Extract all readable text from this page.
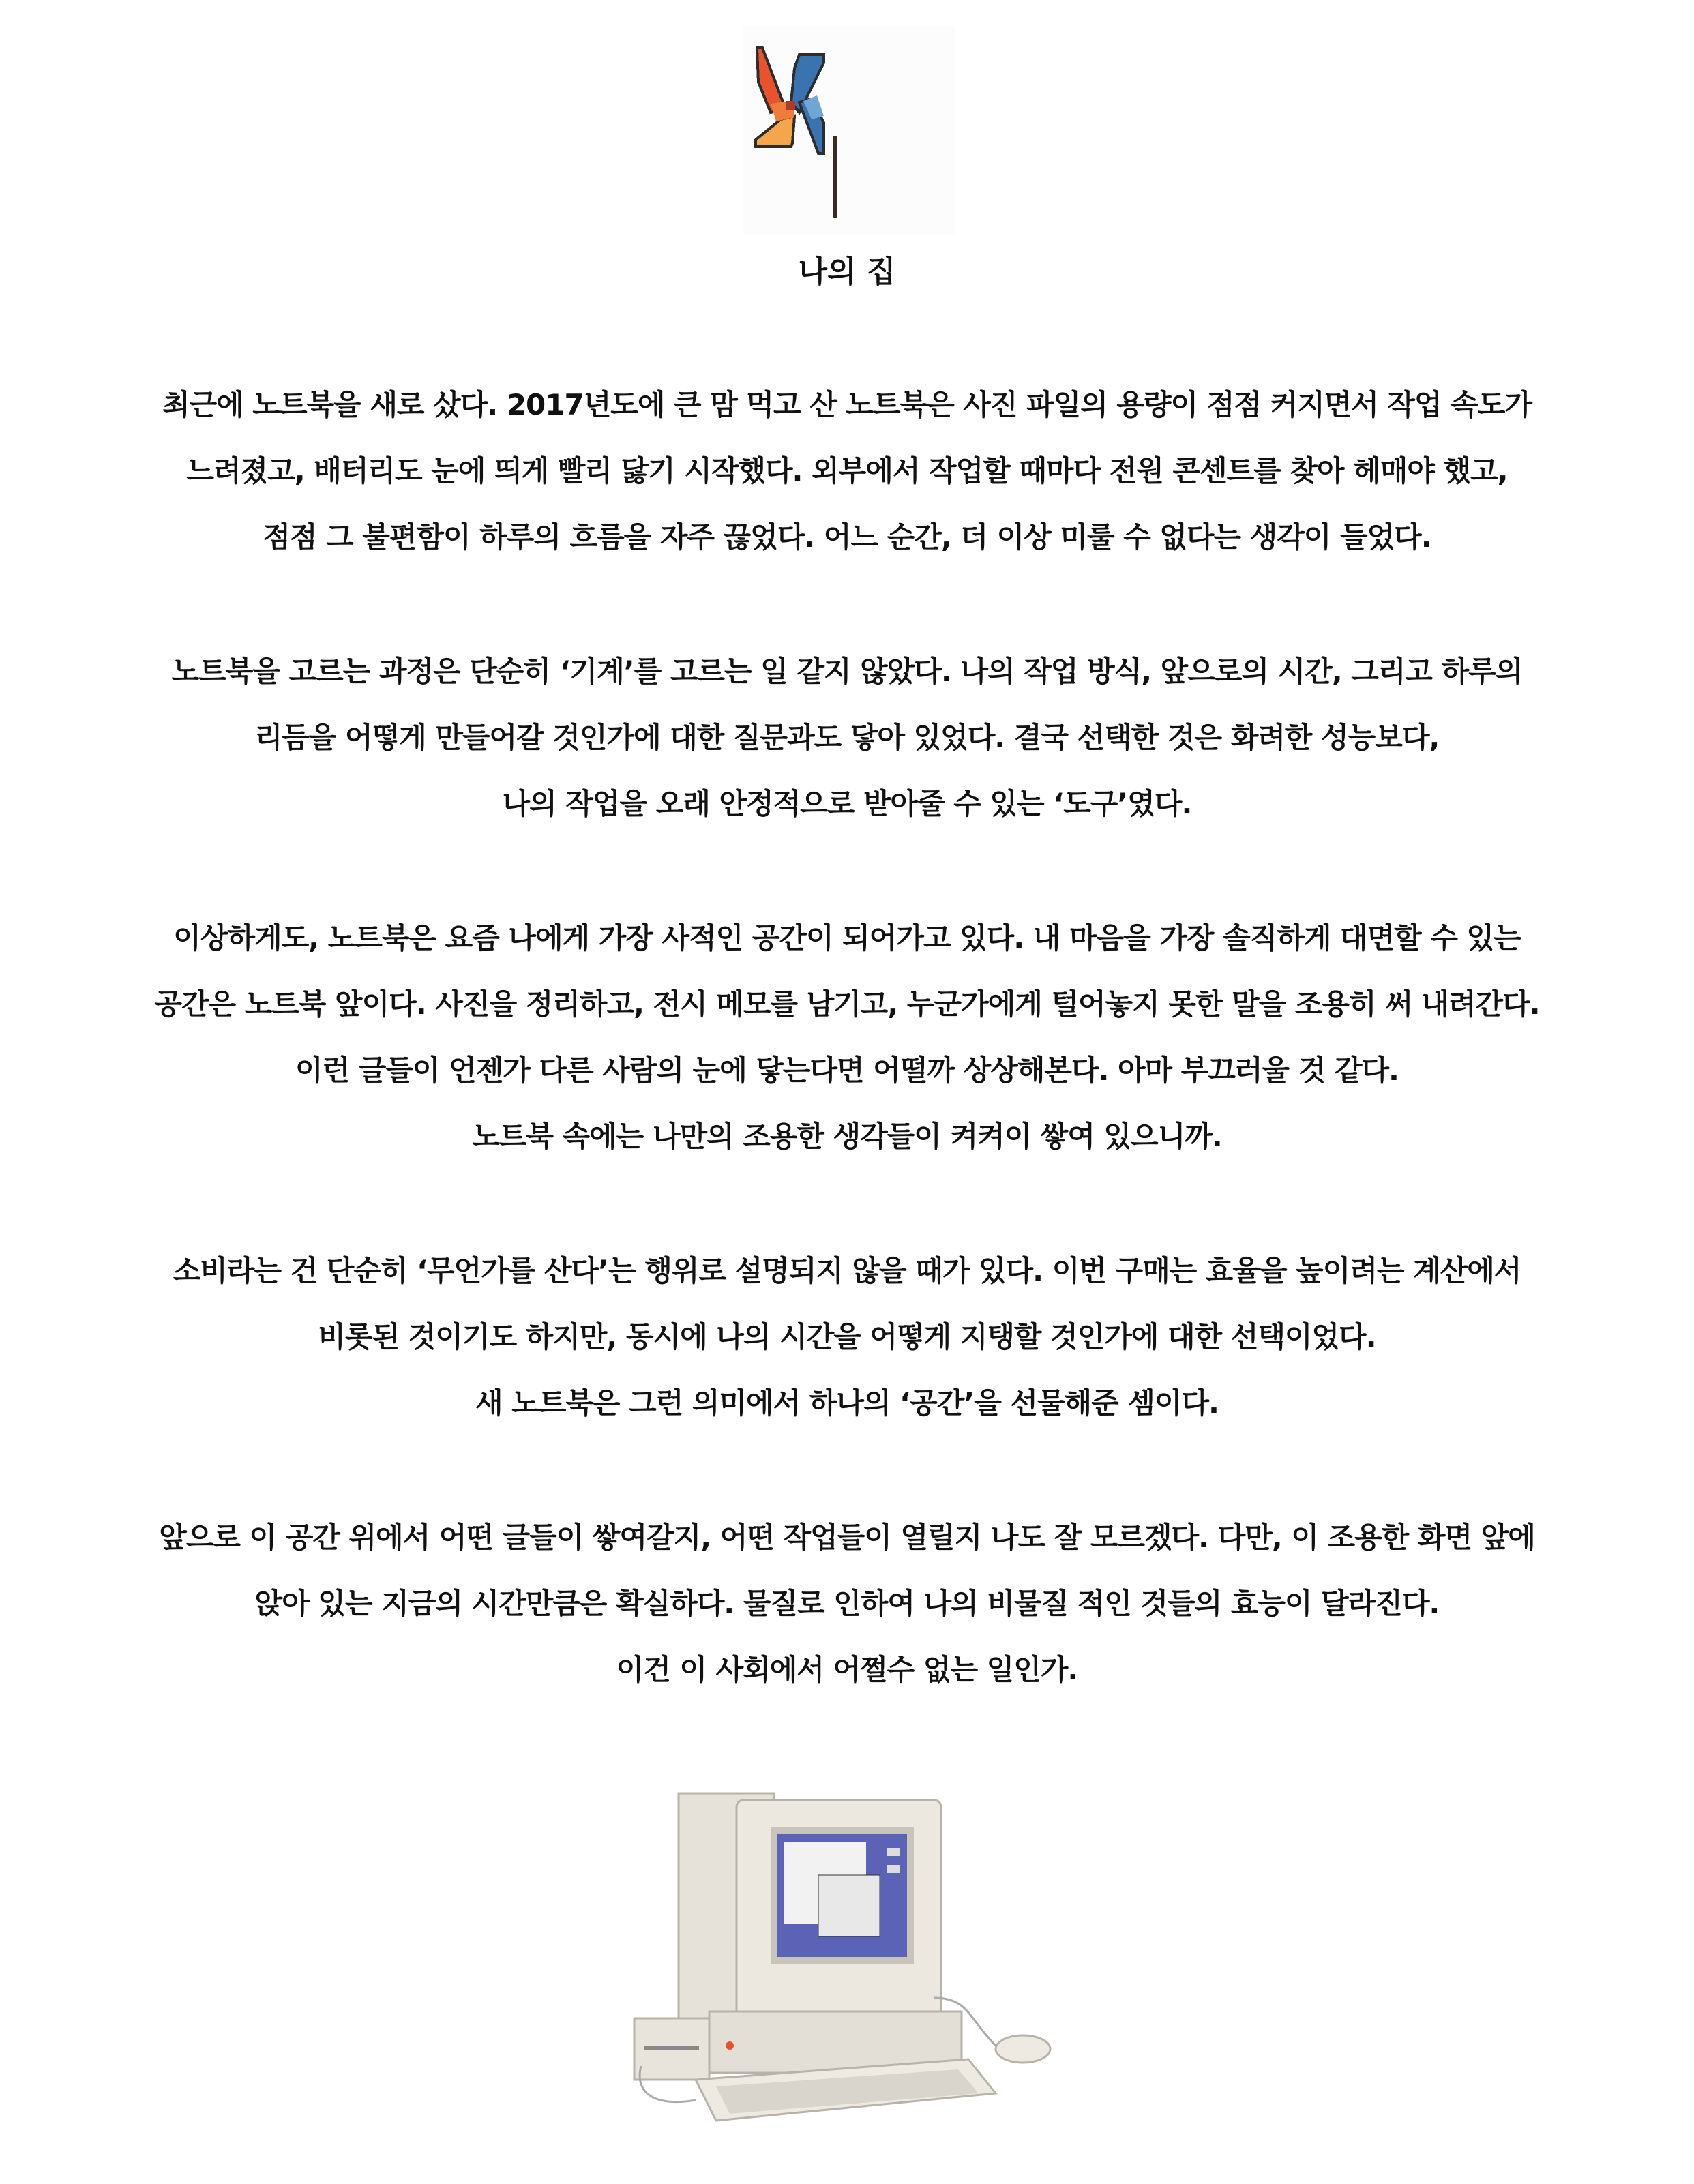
나의 집
최근에 노트북을 새로 샀다. 2017년도에 큰 맘 먹고 산 노트북은 사진 파일의 용량이 점점 커지면서 작업 속도가
느려졌고, 배터리도 눈에 띄게 빨리 닳기 시작했다. 외부에서 작업할 때마다 전원 콘센트를 찾아 헤매야 했고,
점점 그 불편함이 하루의 흐름을 자주 끊었다. 어느 순간, 더 이상 미룰 수 없다는 생각이 들었다.
노트북을 고르는 과정은 단순히 ‘기계’를 고르는 일 같지 않았다. 나의 작업 방식, 앞으로의 시간, 그리고 하루의
리듬을 어떻게 만들어갈 것인가에 대한 질문과도 닿아 있었다. 결국 선택한 것은 화려한 성능보다,
나의 작업을 오래 안정적으로 받아줄 수 있는 ‘도구’였다.
이상하게도, 노트북은 요즘 나에게 가장 사적인 공간이 되어가고 있다. 내 마음을 가장 솔직하게 대면할 수 있는
공간은 노트북 앞이다. 사진을 정리하고, 전시 메모를 남기고, 누군가에게 털어놓지 못한 말을 조용히 써 내려간다.
이런 글들이 언젠가 다른 사람의 눈에 닿는다면 어떨까 상상해본다. 아마 부끄러울 것 같다.
노트북 속에는 나만의 조용한 생각들이 켜켜이 쌓여 있으니까.
소비라는 건 단순히 ‘무언가를 산다’는 행위로 설명되지 않을 때가 있다. 이번 구매는 효율을 높이려는 계산에서
비롯된 것이기도 하지만, 동시에 나의 시간을 어떻게 지탱할 것인가에 대한 선택이었다.
새 노트북은 그런 의미에서 하나의 ‘공간’을 선물해준 셈이다.
앞으로 이 공간 위에서 어떤 글들이 쌓여갈지, 어떤 작업들이 열릴지 나도 잘 모르겠다. 다만, 이 조용한 화면 앞에
앉아 있는 지금의 시간만큼은 확실하다. 물질로 인하여 나의 비물질 적인 것들의 효능이 달라진다.
이건 이 사회에서 어쩔수 없는 일인가.
